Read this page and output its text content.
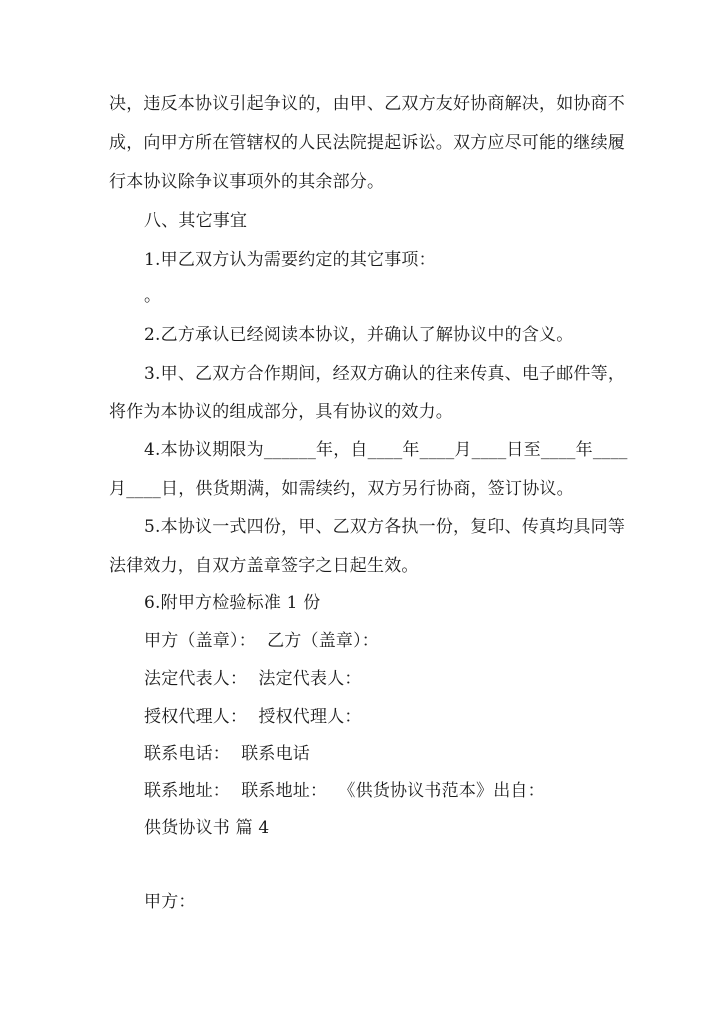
决，违反本协议引起争议的，由甲、乙双方友好协商解决，如协商不
成，向甲方所在管辖权的人民法院提起诉讼。双方应尽可能的继续履
行本协议除争议事项外的其余部分。
八、其它事宜
1.甲乙双方认为需要约定的其它事项：
。
2.乙方承认已经阅读本协议，并确认了解协议中的含义。
3.甲、乙双方合作期间，经双方确认的往来传真、电子邮件等，
将作为本协议的组成部分，具有协议的效力。
4.本协议期限为______年，自____年____月____日至____年____
月____日，供货期满，如需续约，双方另行协商，签订协议。
5.本协议一式四份，甲、乙双方各执一份，复印、传真均具同等
法律效力，自双方盖章签字之日起生效。
6.附甲方检验标准 1 份
甲方（盖章）：  乙方（盖章）：
法定代表人：  法定代表人：
授权代理人：  授权代理人：
联系电话：  联系电话
联系地址：  联系地址：  《供货协议书范本》出自：
供货协议书 篇 4
甲方：
